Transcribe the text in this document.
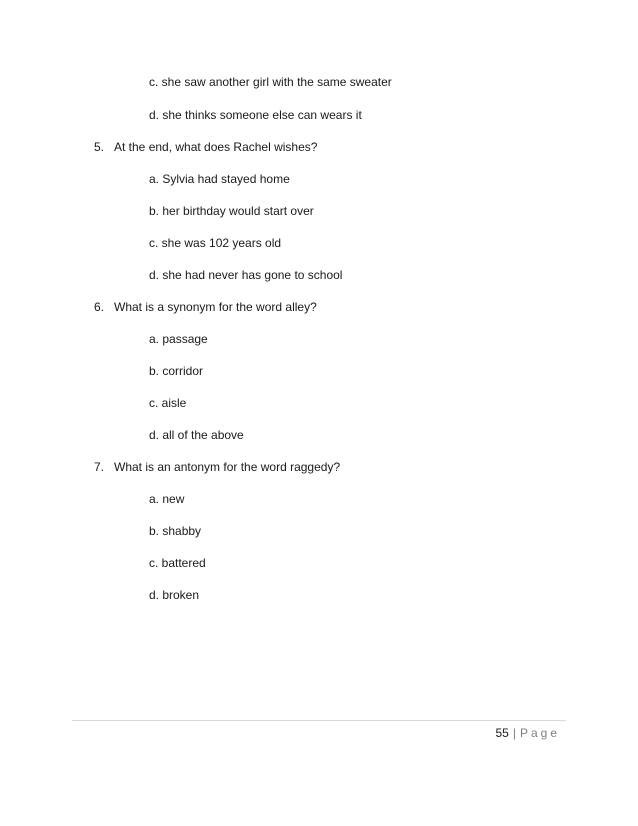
c. she saw another girl with the same sweater
d. she thinks someone else can wears it
5. At the end, what does Rachel wishes?
a. Sylvia had stayed home
b. her birthday would start over
c. she was 102 years old
d. she had never has gone to school
6. What is a synonym for the word alley?
a. passage
b. corridor
c. aisle
d. all of the above
7. What is an antonym for the word raggedy?
a. new
b. shabby
c. battered
d. broken
55 | Page
